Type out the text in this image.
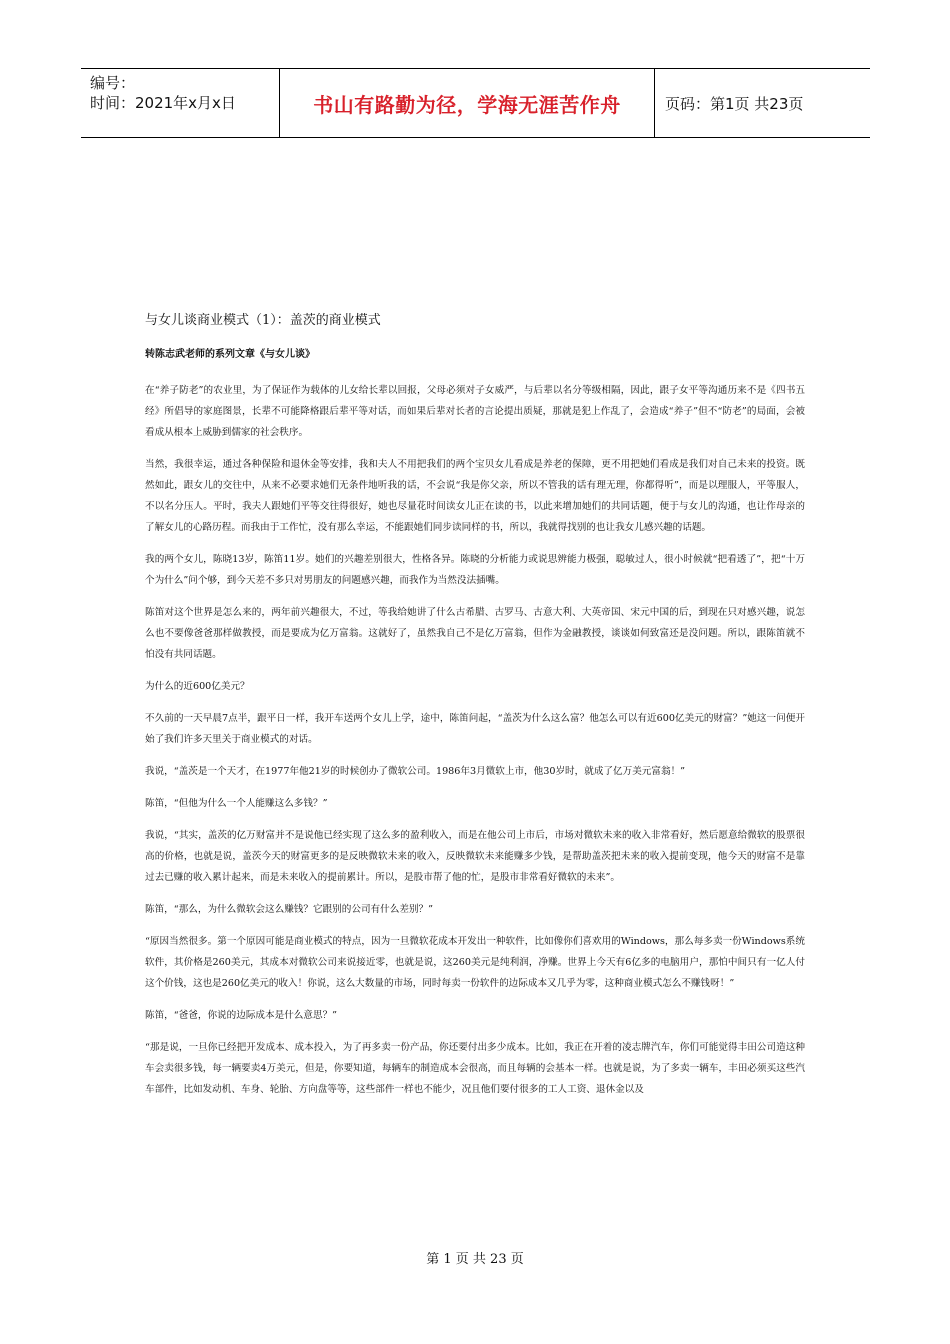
编号：
时间：2021年x月x日	书山有路勤为径，学海无涯苦作舟	页码：第1页 共23页
与女儿谈商业模式（1）：盖茨的商业模式
转陈志武老师的系列文章《与女儿谈》

在“养子防老”的农业里，为了保证作为载体的儿女给长辈以回报，父母必须对子女威严，与后辈以名分等级相隔，因此，跟子女平等沟通历来不是《四书五经》所倡导的家庭图景，长辈不可能降格跟后辈平等对话，而如果后辈对长者的言论提出质疑，那就是犯上作乱了，会造成“养子”但不“防老”的局面，会被看成从根本上威胁到儒家的社会秩序。

当然，我很幸运，通过各种保险和退休金等安排，我和夫人不用把我们的两个宝贝女儿看成是养老的保障，更不用把她们看成是我们对自己未来的投资。既然如此，跟女儿的交往中，从来不必要求她们无条件地听我的话，不会说“我是你父亲，所以不管我的话有理无理，你都得听”，而是以理服人，平等服人，不以名分压人。平时，我夫人跟她们平等交往得很好，她也尽量花时间读女儿正在读的书，以此来增加她们的共同话题，便于与女儿的沟通，也让作母亲的了解女儿的心路历程。而我由于工作忙，没有那么幸运，不能跟她们同步读同样的书，所以，我就得找别的也让我女儿感兴趣的话题。

我的两个女儿，陈晓13岁，陈笛11岁。她们的兴趣差别很大，性格各异。陈晓的分析能力或说思辨能力极强，聪敏过人，很小时候就“把看透了”，把“十万个为什么”问个够，到今天差不多只对男朋友的问题感兴趣，而我作为当然没法插嘴。

陈笛对这个世界是怎么来的，两年前兴趣很大，不过，等我给她讲了什么古希腊、古罗马、古意大利、大英帝国、宋元中国的后，到现在只对感兴趣，说怎么也不要像爸爸那样做教授，而是要成为亿万富翁。这就好了，虽然我自己不是亿万富翁，但作为金融教授，谈谈如何致富还是没问题。所以，跟陈笛就不怕没有共同话题。

为什么的近600亿美元？

不久前的一天早晨7点半，跟平日一样，我开车送两个女儿上学，途中，陈笛问起，“盖茨为什么这么富？他怎么可以有近600亿美元的财富？”她这一问便开始了我们许多天里关于商业模式的对话。

我说，“盖茨是一个天才，在1977年他21岁的时候创办了微软公司。1986年3月微软上市，他30岁时，就成了亿万美元富翁！”

陈笛，“但他为什么一个人能赚这么多钱？”

我说，“其实，盖茨的亿万财富并不是说他已经实现了这么多的盈利收入，而是在他公司上市后，市场对微软未来的收入非常看好，然后愿意给微软的股票很高的价格，也就是说，盖茨今天的财富更多的是反映微软未来的收入，反映微软未来能赚多少钱，是帮助盖茨把未来的收入提前变现，他今天的财富不是靠过去已赚的收入累计起来，而是未来收入的提前累计。所以，是股市帮了他的忙，是股市非常看好微软的未来”。

陈笛，“那么，为什么微软会这么赚钱？它跟别的公司有什么差别？”

“原因当然很多。第一个原因可能是商业模式的特点，因为一旦微软花成本开发出一种软件，比如像你们喜欢用的Windows，那么每多卖一份Windows系统软件，其价格是260美元，其成本对微软公司来说接近零，也就是说，这260美元是纯利润，净赚。世界上今天有6亿多的电脑用户，那怕中间只有一亿人付这个价钱，这也是260亿美元的收入！你说，这么大数量的市场，同时每卖一份软件的边际成本又几乎为零，这种商业模式怎么不赚钱呀！”

陈笛，“爸爸，你说的边际成本是什么意思？”

“那是说，一旦你已经把开发成本、成本投入，为了再多卖一份产品，你还要付出多少成本。比如，我正在开着的凌志牌汽车，你们可能觉得丰田公司造这种车会卖很多钱，每一辆要卖4万美元，但是，你要知道，每辆车的制造成本会很高，而且每辆的会基本一样。也就是说，为了多卖一辆车，丰田必须买这些汽车部件，比如发动机、车身、轮胎、方向盘等等，这些部件一样也不能少，况且他们要付很多的工人工资、退休金以及

第 1 页 共 23 页
